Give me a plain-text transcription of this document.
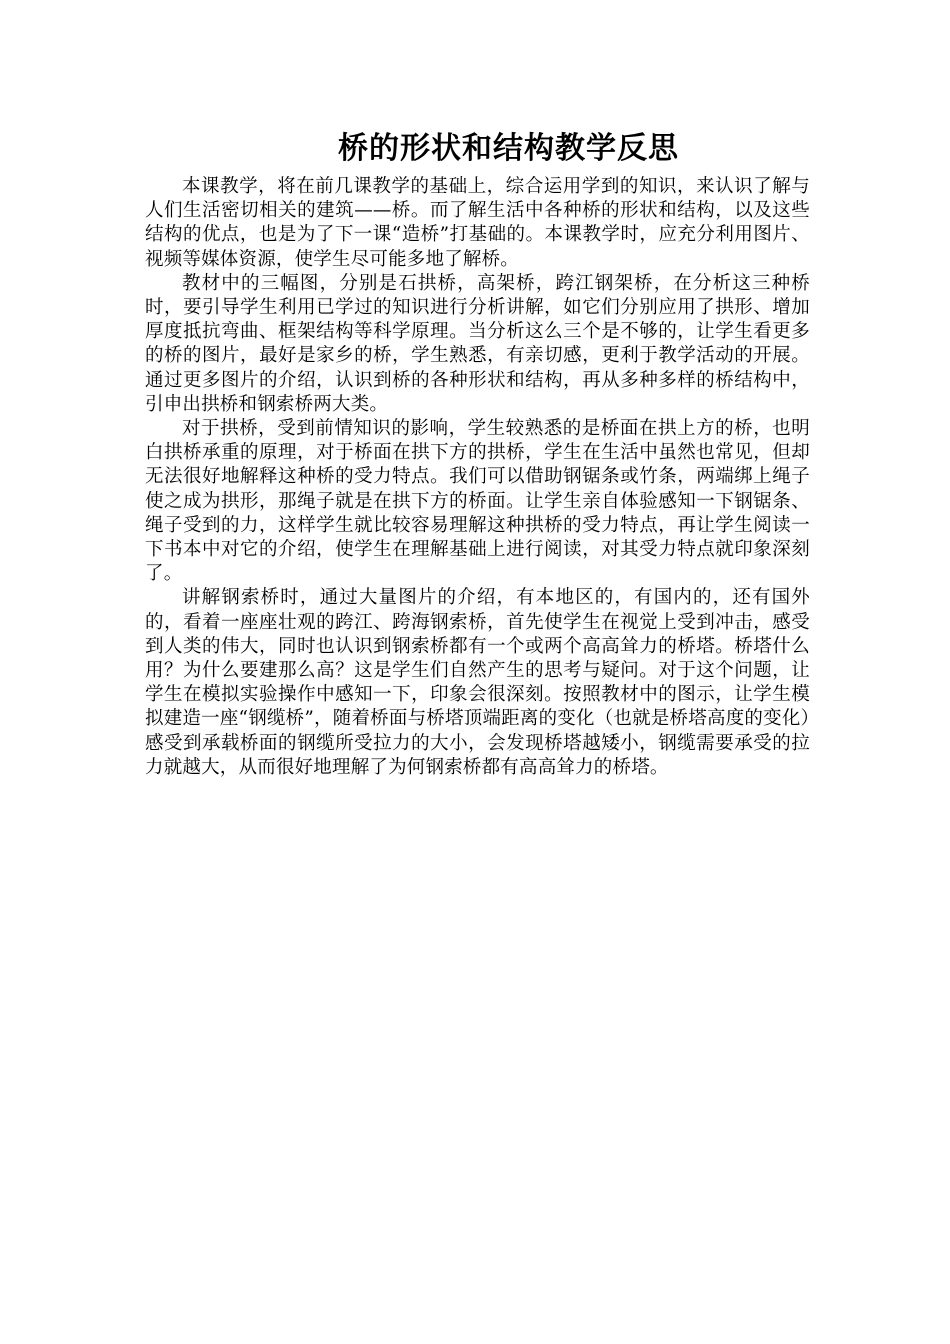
桥的形状和结构教学反思

本课教学，将在前几课教学的基础上，综合运用学到的知识，来认识了解与人们生活密切相关的建筑——桥。而了解生活中各种桥的形状和结构，以及这些结构的优点，也是为了下一课“造桥”打基础的。本课教学时，应充分利用图片、视频等媒体资源，使学生尽可能多地了解桥。

教材中的三幅图，分别是石拱桥，高架桥，跨江钢架桥，在分析这三种桥时，要引导学生利用已学过的知识进行分析讲解，如它们分别应用了拱形、增加厚度抵抗弯曲、框架结构等科学原理。当分析这么三个是不够的，让学生看更多的桥的图片，最好是家乡的桥，学生熟悉，有亲切感，更利于教学活动的开展。通过更多图片的介绍，认识到桥的各种形状和结构，再从多种多样的桥结构中，引申出拱桥和钢索桥两大类。

对于拱桥，受到前情知识的影响，学生较熟悉的是桥面在拱上方的桥，也明白拱桥承重的原理，对于桥面在拱下方的拱桥，学生在生活中虽然也常见，但却无法很好地解释这种桥的受力特点。我们可以借助钢锯条或竹条，两端绑上绳子使之成为拱形，那绳子就是在拱下方的桥面。让学生亲自体验感知一下钢锯条、绳子受到的力，这样学生就比较容易理解这种拱桥的受力特点，再让学生阅读一下书本中对它的介绍，使学生在理解基础上进行阅读，对其受力特点就印象深刻了。

讲解钢索桥时，通过大量图片的介绍，有本地区的，有国内的，还有国外的，看着一座座壮观的跨江、跨海钢索桥，首先使学生在视觉上受到冲击，感受到人类的伟大，同时也认识到钢索桥都有一个或两个高高耸力的桥塔。桥塔什么用？为什么要建那么高？这是学生们自然产生的思考与疑问。对于这个问题，让学生在模拟实验操作中感知一下，印象会很深刻。按照教材中的图示，让学生模拟建造一座“钢缆桥”，随着桥面与桥塔顶端距离的变化（也就是桥塔高度的变化）感受到承载桥面的钢缆所受拉力的大小，会发现桥塔越矮小，钢缆需要承受的拉力就越大，从而很好地理解了为何钢索桥都有高高耸力的桥塔。
